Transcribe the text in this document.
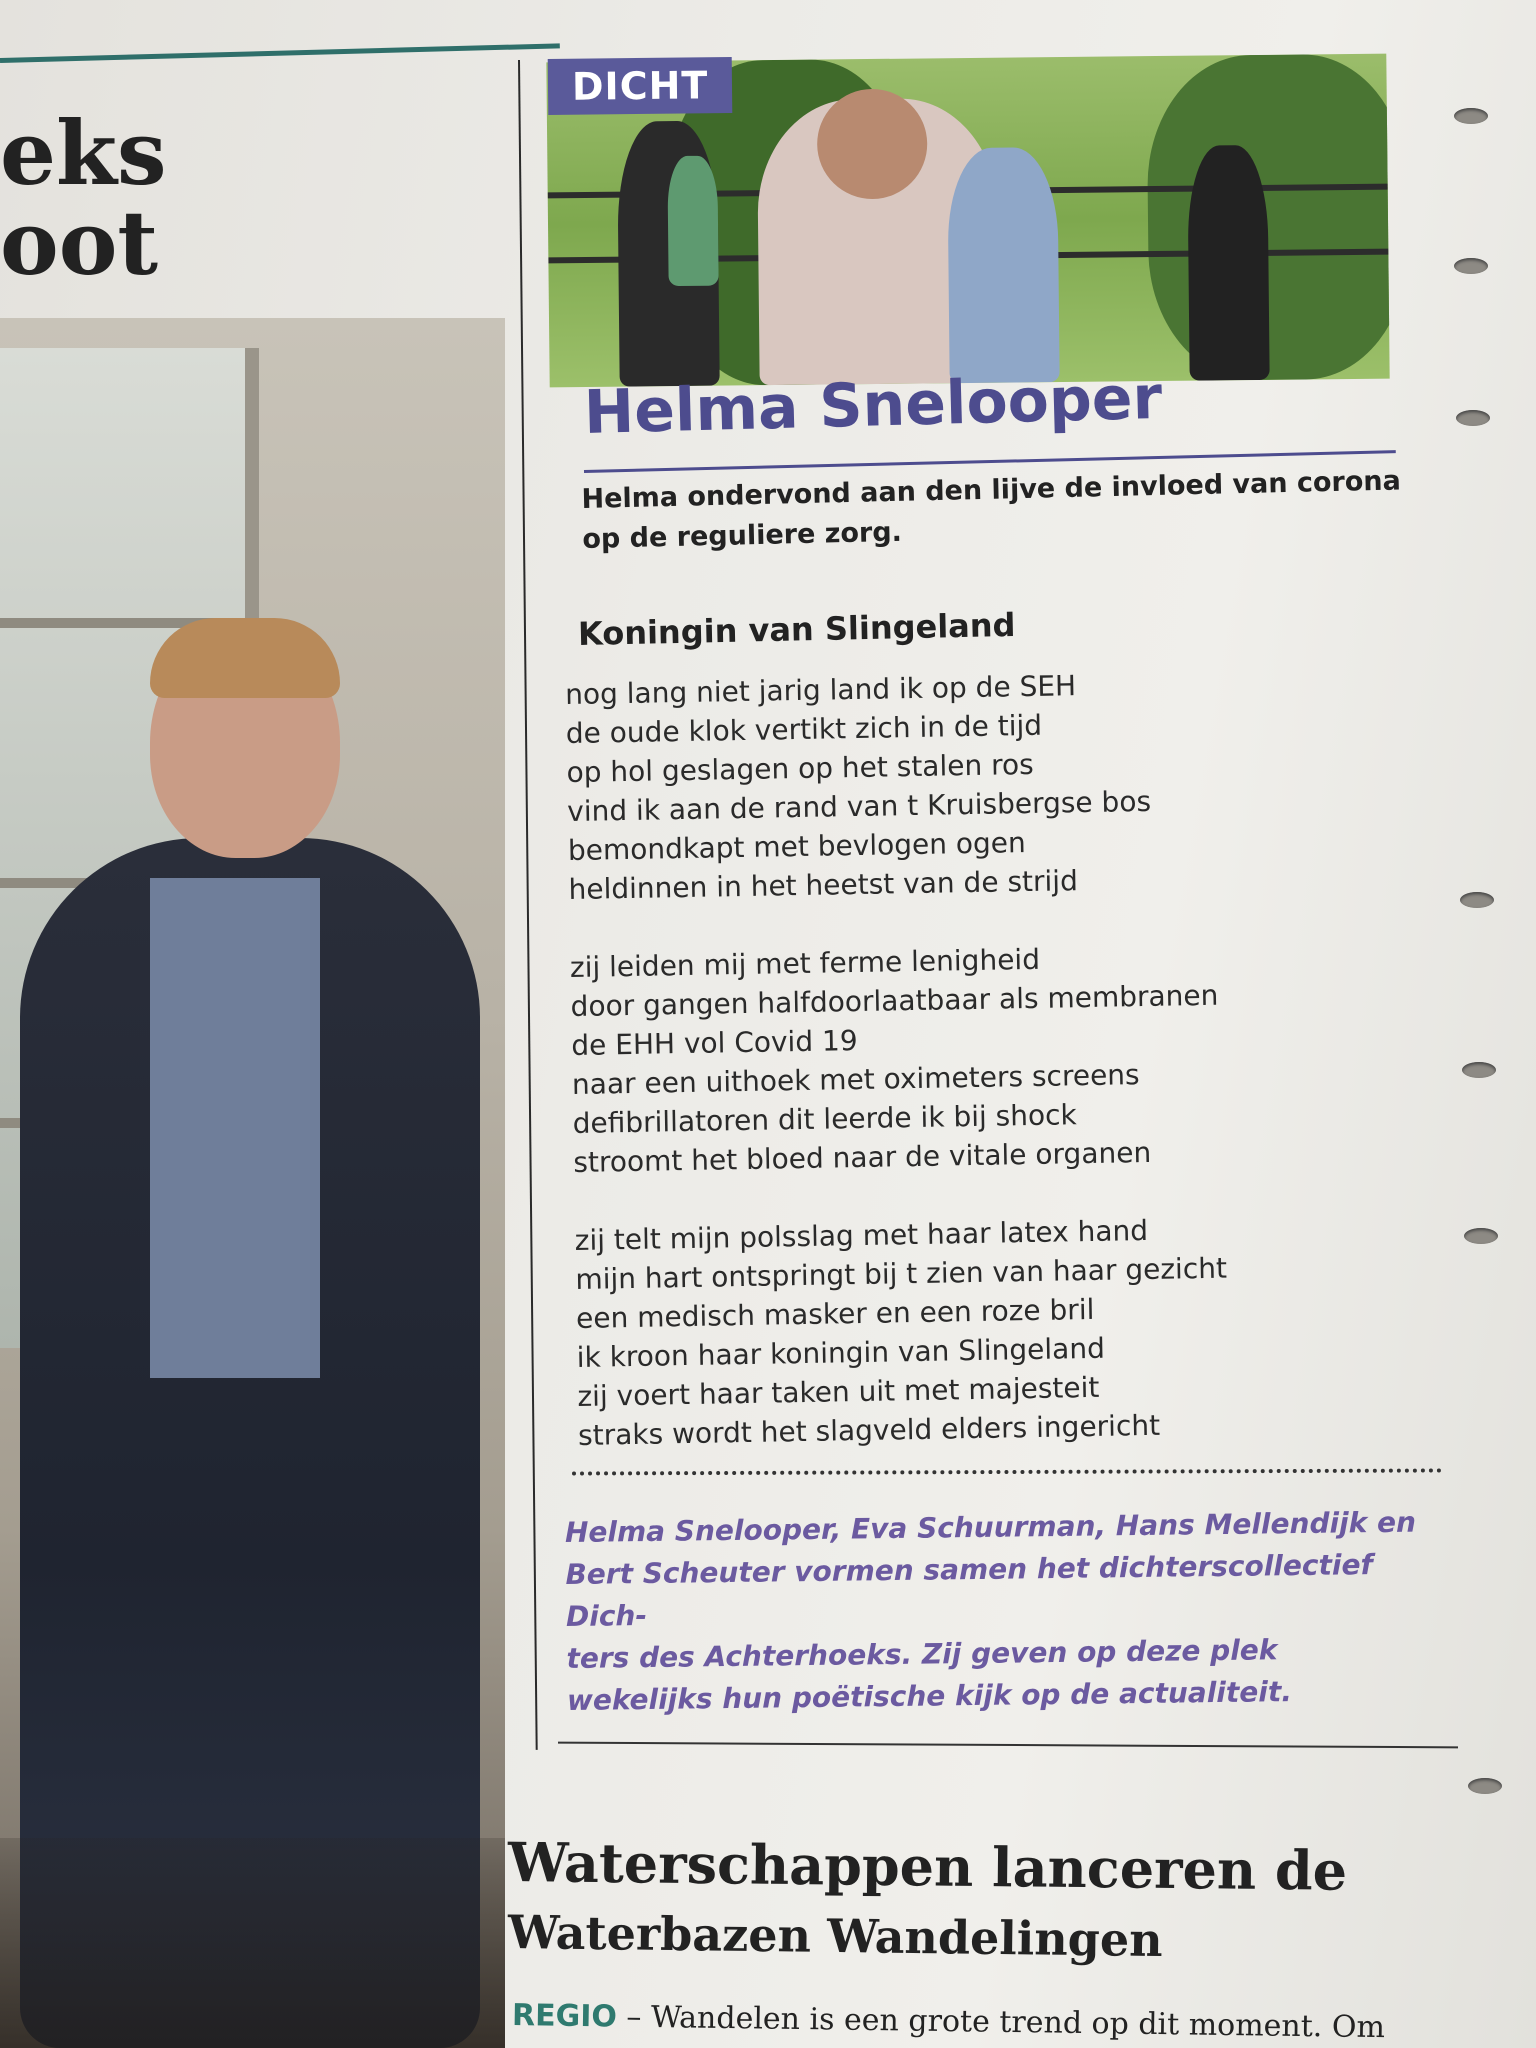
eks
oot
DICHT
Helma Snelooper
Helma ondervond aan den lijve de invloed van corona op de reguliere zorg.
Koningin van Slingeland
nog lang niet jarig land ik op de SEH
de oude klok vertikt zich in de tijd
op hol geslagen op het stalen ros
vind ik aan de rand van t Kruisbergse bos
bemondkapt met bevlogen ogen
heldinnen in het heetst van de strijd
zij leiden mij met ferme lenigheid
door gangen halfdoorlaatbaar als membranen
de EHH vol Covid 19
naar een uithoek met oximeters screens
defibrillatoren dit leerde ik bij shock
stroomt het bloed naar de vitale organen
zij telt mijn polsslag met haar latex hand
mijn hart ontspringt bij t zien van haar gezicht
een medisch masker en een roze bril
ik kroon haar koningin van Slingeland
zij voert haar taken uit met majesteit
straks wordt het slagveld elders ingericht
Helma Snelooper, Eva Schuurman, Hans Mellendijk en
Bert Scheuter vormen samen het dichterscollectief Dich-
ters des Achterhoeks. Zij geven op deze plek
wekelijks hun poëtische kijk op de actualiteit.
Waterschappen lanceren de
Waterbazen Wandelingen
REGIO – Wandelen is een grote trend op dit moment. Om
